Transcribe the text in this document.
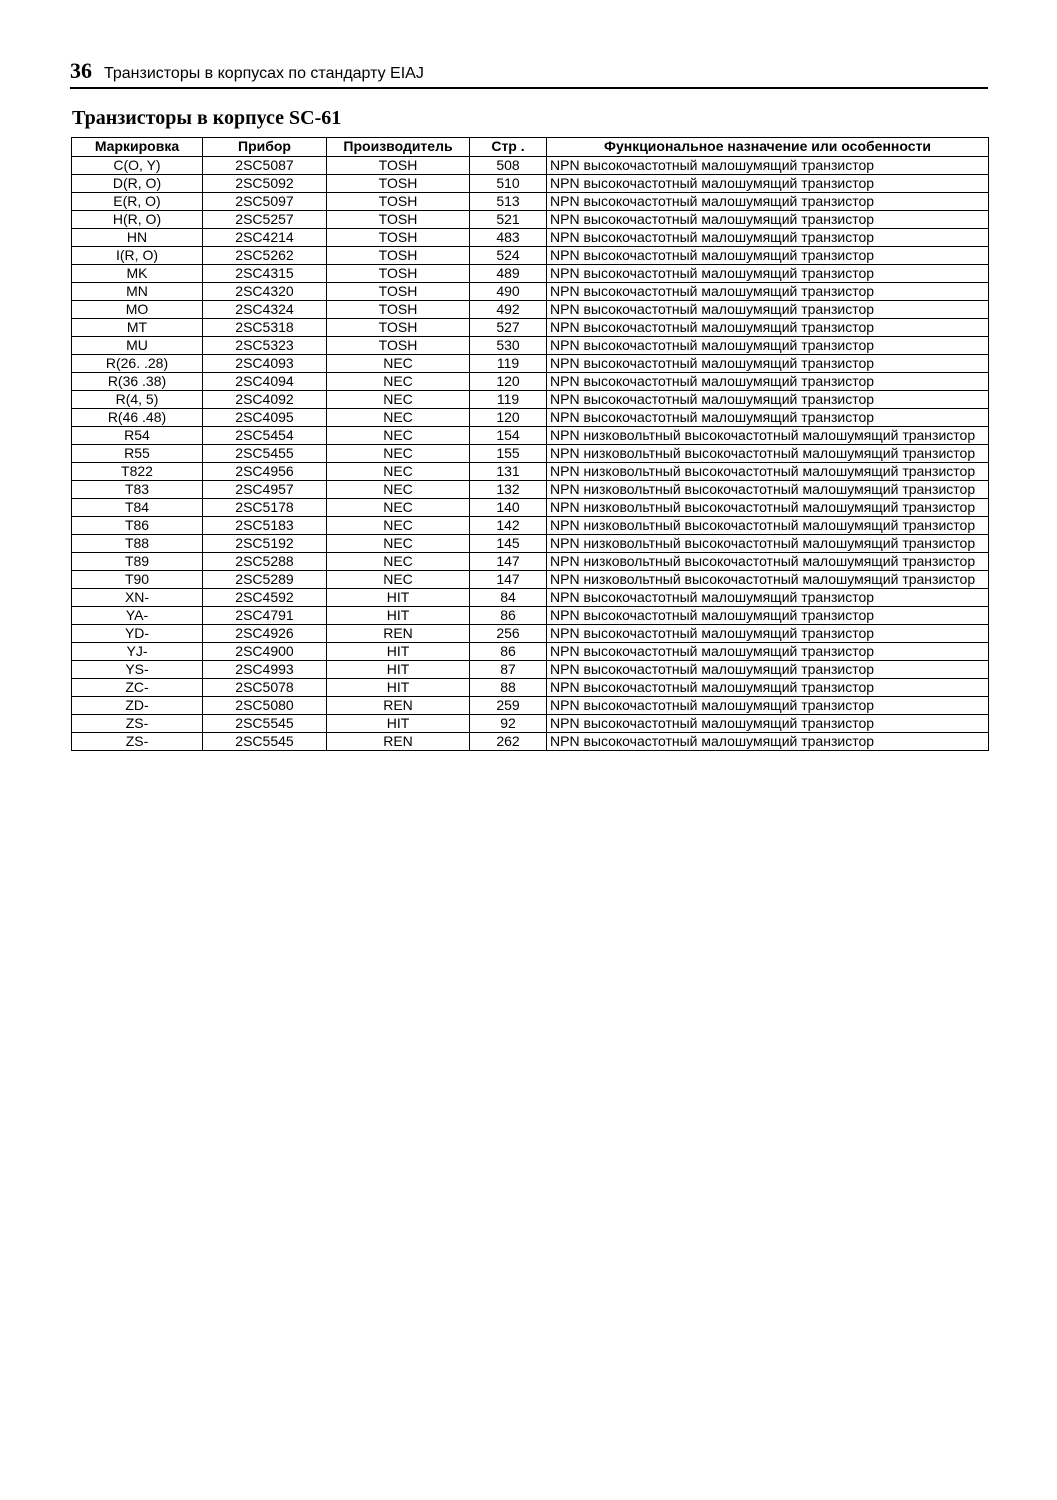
36 Транзисторы в корпусах по стандарту EIAJ
Транзисторы в корпусе SC-61
Маркировка	Прибор	Производитель	Стр .	Функциональное назначение или особенности
C(O, Y)	2SC5087	TOSH	508	NPN высокочастотный малошумящий транзистор
D(R, O)	2SC5092	TOSH	510	NPN высокочастотный малошумящий транзистор
E(R, O)	2SC5097	TOSH	513	NPN высокочастотный малошумящий транзистор
H(R, O)	2SC5257	TOSH	521	NPN высокочастотный малошумящий транзистор
HN	2SC4214	TOSH	483	NPN высокочастотный малошумящий транзистор
I(R, O)	2SC5262	TOSH	524	NPN высокочастотный малошумящий транзистор
MK	2SC4315	TOSH	489	NPN высокочастотный малошумящий транзистор
MN	2SC4320	TOSH	490	NPN высокочастотный малошумящий транзистор
MO	2SC4324	TOSH	492	NPN высокочастотный малошумящий транзистор
MT	2SC5318	TOSH	527	NPN высокочастотный малошумящий транзистор
MU	2SC5323	TOSH	530	NPN высокочастотный малошумящий транзистор
R(26. .28)	2SC4093	NEC	119	NPN высокочастотный малошумящий транзистор
R(36 .38)	2SC4094	NEC	120	NPN высокочастотный малошумящий транзистор
R(4, 5)	2SC4092	NEC	119	NPN высокочастотный малошумящий транзистор
R(46 .48)	2SC4095	NEC	120	NPN высокочастотный малошумящий транзистор
R54	2SC5454	NEC	154	NPN низковольтный высокочастотный малошумящий транзистор
R55	2SC5455	NEC	155	NPN низковольтный высокочастотный малошумящий транзистор
T822	2SC4956	NEC	131	NPN низковольтный высокочастотный малошумящий транзистор
T83	2SC4957	NEC	132	NPN низковольтный высокочастотный малошумящий транзистор
T84	2SC5178	NEC	140	NPN низковольтный высокочастотный малошумящий транзистор
T86	2SC5183	NEC	142	NPN низковольтный высокочастотный малошумящий транзистор
T88	2SC5192	NEC	145	NPN низковольтный высокочастотный малошумящий транзистор
T89	2SC5288	NEC	147	NPN низковольтный высокочастотный малошумящий транзистор
T90	2SC5289	NEC	147	NPN низковольтный высокочастотный малошумящий транзистор
XN-	2SC4592	HIT	84	NPN высокочастотный малошумящий транзистор
YA-	2SC4791	HIT	86	NPN высокочастотный малошумящий транзистор
YD-	2SC4926	REN	256	NPN высокочастотный малошумящий транзистор
YJ-	2SC4900	HIT	86	NPN высокочастотный малошумящий транзистор
YS-	2SC4993	HIT	87	NPN высокочастотный малошумящий транзистор
ZC-	2SC5078	HIT	88	NPN высокочастотный малошумящий транзистор
ZD-	2SC5080	REN	259	NPN высокочастотный малошумящий транзистор
ZS-	2SC5545	HIT	92	NPN высокочастотный малошумящий транзистор
ZS-	2SC5545	REN	262	NPN высокочастотный малошумящий транзистор
